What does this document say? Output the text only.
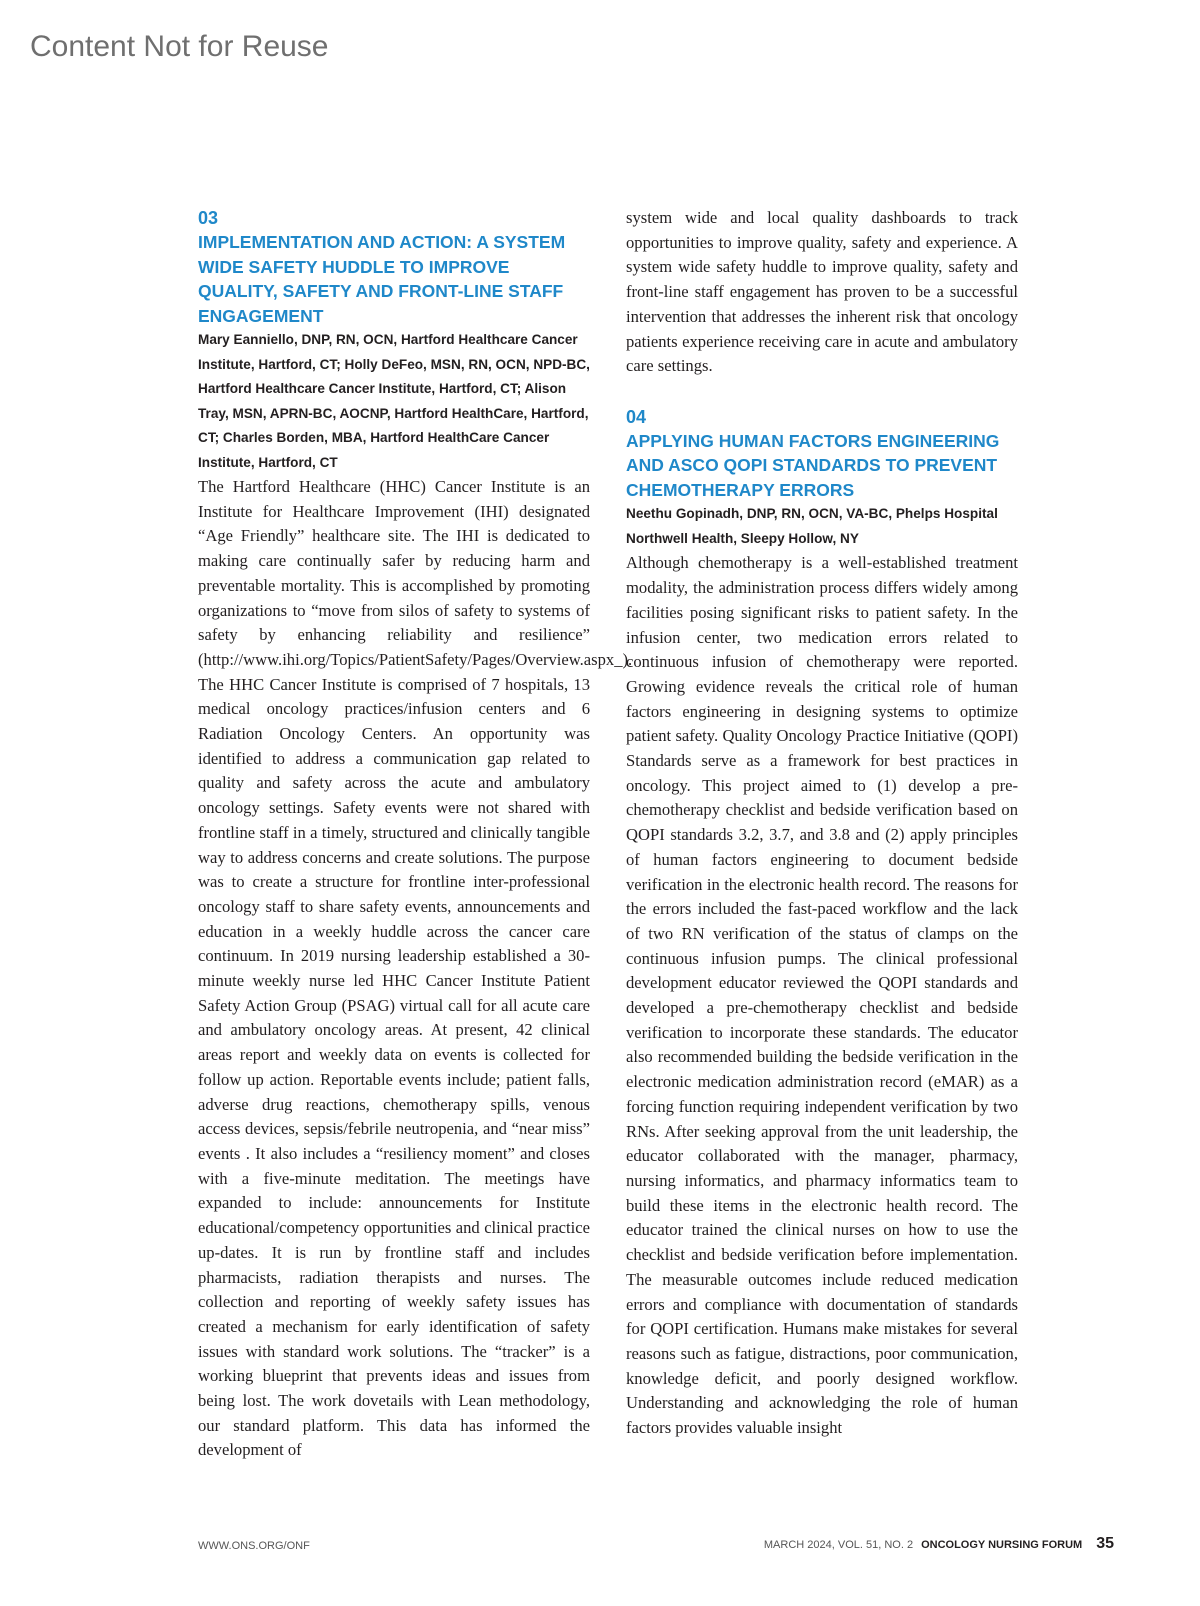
Content Not for Reuse

03

IMPLEMENTATION AND ACTION: A SYSTEM WIDE SAFETY HUDDLE TO IMPROVE QUALITY, SAFETY AND FRONT-LINE STAFF ENGAGEMENT

Mary Eanniello, DNP, RN, OCN, Hartford Healthcare Cancer Institute, Hartford, CT; Holly DeFeo, MSN, RN, OCN, NPD-BC, Hartford Healthcare Cancer Institute, Hartford, CT; Alison Tray, MSN, APRN-BC, AOCNP, Hartford HealthCare, Hartford, CT; Charles Borden, MBA, Hartford HealthCare Cancer Institute, Hartford, CT

The Hartford Healthcare (HHC) Cancer Institute is an Institute for Healthcare Improvement (IHI) designated “Age Friendly” healthcare site. The IHI is dedicated to making care continually safer by reducing harm and preventable mortality. This is accomplished by promoting organizations to “move from silos of safety to systems of safety by enhancing reliability and resilience” (http://www.ihi.org/Topics/PatientSafety/Pages/Overview.aspx_). The HHC Cancer Institute is comprised of 7 hospitals, 13 medical oncology practices/infusion centers and 6 Radiation Oncology Centers. An opportunity was identified to address a communication gap related to quality and safety across the acute and ambulatory oncology settings. Safety events were not shared with frontline staff in a timely, structured and clinically tangible way to address concerns and create solutions. The purpose was to create a structure for frontline inter-professional oncology staff to share safety events, announcements and education in a weekly huddle across the cancer care continuum. In 2019 nursing leadership established a 30-minute weekly nurse led HHC Cancer Institute Patient Safety Action Group (PSAG) virtual call for all acute care and ambulatory oncology areas. At present, 42 clinical areas report and weekly data on events is collected for follow up action. Reportable events include; patient falls, adverse drug reactions, chemotherapy spills, venous access devices, sepsis/febrile neutropenia, and “near miss” events . It also includes a “resiliency moment” and closes with a five-minute meditation. The meetings have expanded to include: announcements for Institute educational/competency opportunities and clinical practice up-dates. It is run by frontline staff and includes pharmacists, radiation therapists and nurses. The collection and reporting of weekly safety issues has created a mechanism for early identification of safety issues with standard work solutions. The “tracker” is a working blueprint that prevents ideas and issues from being lost. The work dovetails with Lean methodology, our standard platform. This data has informed the development of

system wide and local quality dashboards to track opportunities to improve quality, safety and experience. A system wide safety huddle to improve quality, safety and front-line staff engagement has proven to be a successful intervention that addresses the inherent risk that oncology patients experience receiving care in acute and ambulatory care settings.

04

APPLYING HUMAN FACTORS ENGINEERING AND ASCO QOPI STANDARDS TO PREVENT CHEMOTHERAPY ERRORS

Neethu Gopinadh, DNP, RN, OCN, VA-BC, Phelps Hospital Northwell Health, Sleepy Hollow, NY

Although chemotherapy is a well-established treatment modality, the administration process differs widely among facilities posing significant risks to patient safety. In the infusion center, two medication errors related to continuous infusion of chemotherapy were reported. Growing evidence reveals the critical role of human factors engineering in designing systems to optimize patient safety. Quality Oncology Practice Initiative (QOPI) Standards serve as a framework for best practices in oncology. This project aimed to (1) develop a pre-chemotherapy checklist and bedside verification based on QOPI standards 3.2, 3.7, and 3.8 and (2) apply principles of human factors engineering to document bedside verification in the electronic health record. The reasons for the errors included the fast-paced workflow and the lack of two RN verification of the status of clamps on the continuous infusion pumps. The clinical professional development educator reviewed the QOPI standards and developed a pre-chemotherapy checklist and bedside verification to incorporate these standards. The educator also recommended building the bedside verification in the electronic medication administration record (eMAR) as a forcing function requiring independent verification by two RNs. After seeking approval from the unit leadership, the educator collaborated with the manager, pharmacy, nursing informatics, and pharmacy informatics team to build these items in the electronic health record. The educator trained the clinical nurses on how to use the checklist and bedside verification before implementation. The measurable outcomes include reduced medication errors and compliance with documentation of standards for QOPI certification. Humans make mistakes for several reasons such as fatigue, distractions, poor communication, knowledge deficit, and poorly designed workflow. Understanding and acknowledging the role of human factors provides valuable insight

WWW.ONS.ORG/ONF	MARCH 2024, VOL. 51, NO. 2 ONCOLOGY NURSING FORUM 35
